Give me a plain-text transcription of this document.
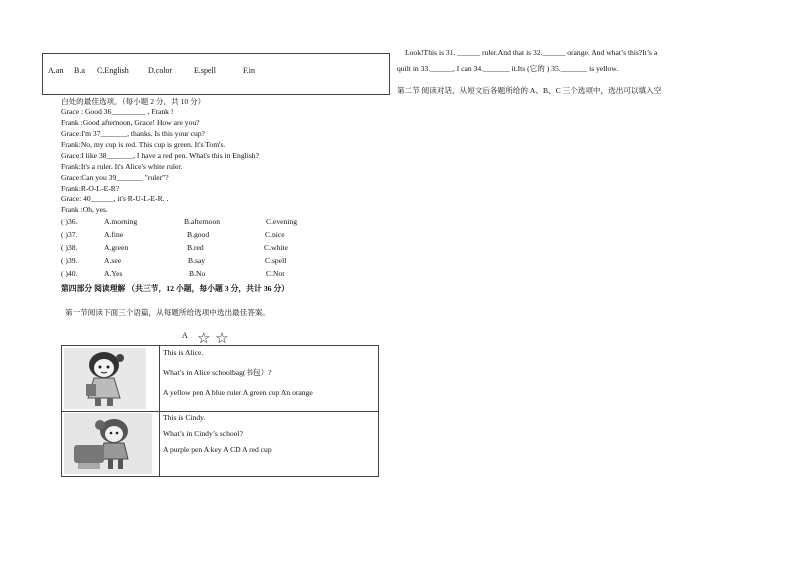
A.an B.a C.English D.color	E.spell	F.in
Look!This is 31. ______ ruler.And that is 32.______ orange. And what’s this?It’s a
quilt in 33.______, I can 34._______ it.Its (它的 ) 35._______ is yellow.
第二节 阅读对话，从短文后各题所给的 A、B、C 三个选项中，选出可以填入空
白处的最佳选项。（每小题 2 分，共 10 分）
Grace : Good 36_________ , Frank !
Frank :Good afternoon, Grace! How are you?
Grace:I'm 37_______, thanks. Is this your cup?
Frank:No, my cup is red. This cup is green. It's Tom's.
Grace:I like 38_______, I have a red pen. What's this in English?
Frank:It's a ruler. It's Alice's white ruler.
Grace:Can you 39_______ "ruler"?
Frank:R-O-L-E-R?
Grace: 40______, it's R-U-L-E-R. .
Frank :Oh, yes.
( )36.	A.morning	B.afternoon	C.evening
( )37.	A.fine	B.good	C.nice
( )38.	A.green	B.red	C.white
( )39.	A.see	B.say	C.spell
( )40.	A.Yes	B.No	C.Not
第四部分 阅读理解 （共三节，12 小题，每小题 3 分，共计 36 分）
第一节阅读下面三个语篇，从每题所给选项中选出最佳答案。
A ☆ ☆
This is Alice.
What’s in Alice schoolbag(书包）?
A yellow pen A blue ruler A green cup An orange
This is Cindy.
What’s in Cindy’s school?
A purple pen A key A CD A red cup
